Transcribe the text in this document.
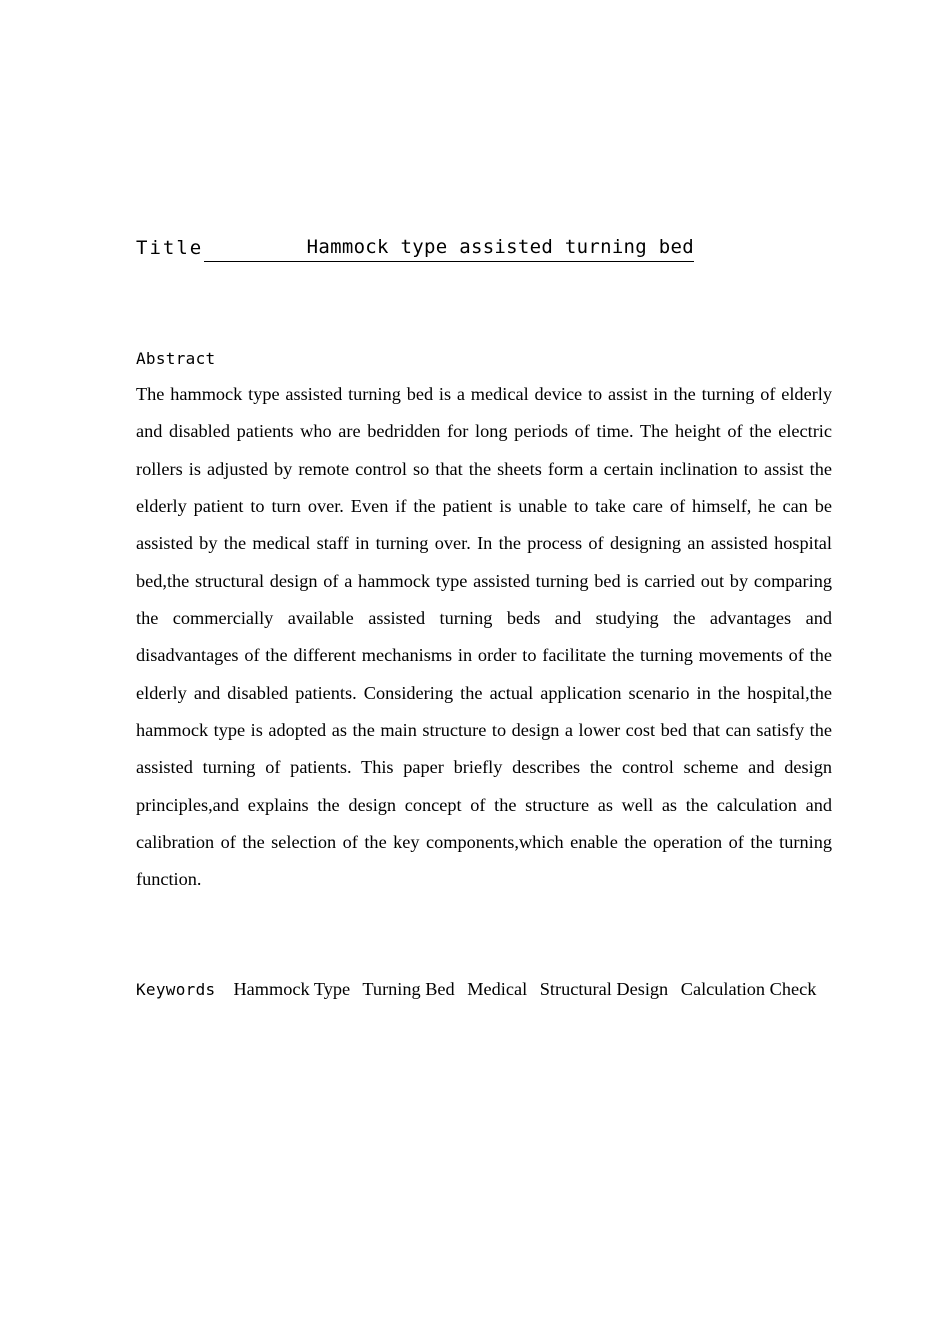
Title	Hammock type assisted turning bed
Abstract

The hammock type assisted turning bed is a medical device to assist in the turning of elderly and disabled patients who are bedridden for long periods of time. The height of the electric rollers is adjusted by remote control so that the sheets form a certain inclination to assist the elderly patient to turn over. Even if the patient is unable to take care of himself, he can be assisted by the medical staff in turning over. In the process of designing an assisted hospital bed,the structural design of a hammock type assisted turning bed is carried out by comparing the commercially available assisted turning beds and studying the advantages and disadvantages of the different mechanisms in order to facilitate the turning movements of the elderly and disabled patients. Considering the actual application scenario in the hospital,the hammock type is adopted as the main structure to design a lower cost bed that can satisfy the assisted turning of patients. This paper briefly describes the control scheme and design principles,and explains the design concept of the structure as well as the calculation and calibration of the selection of the key components,which enable the operation of the turning function.

Keywords Hammock Type Turning Bed Medical Structural Design Calculation Check
